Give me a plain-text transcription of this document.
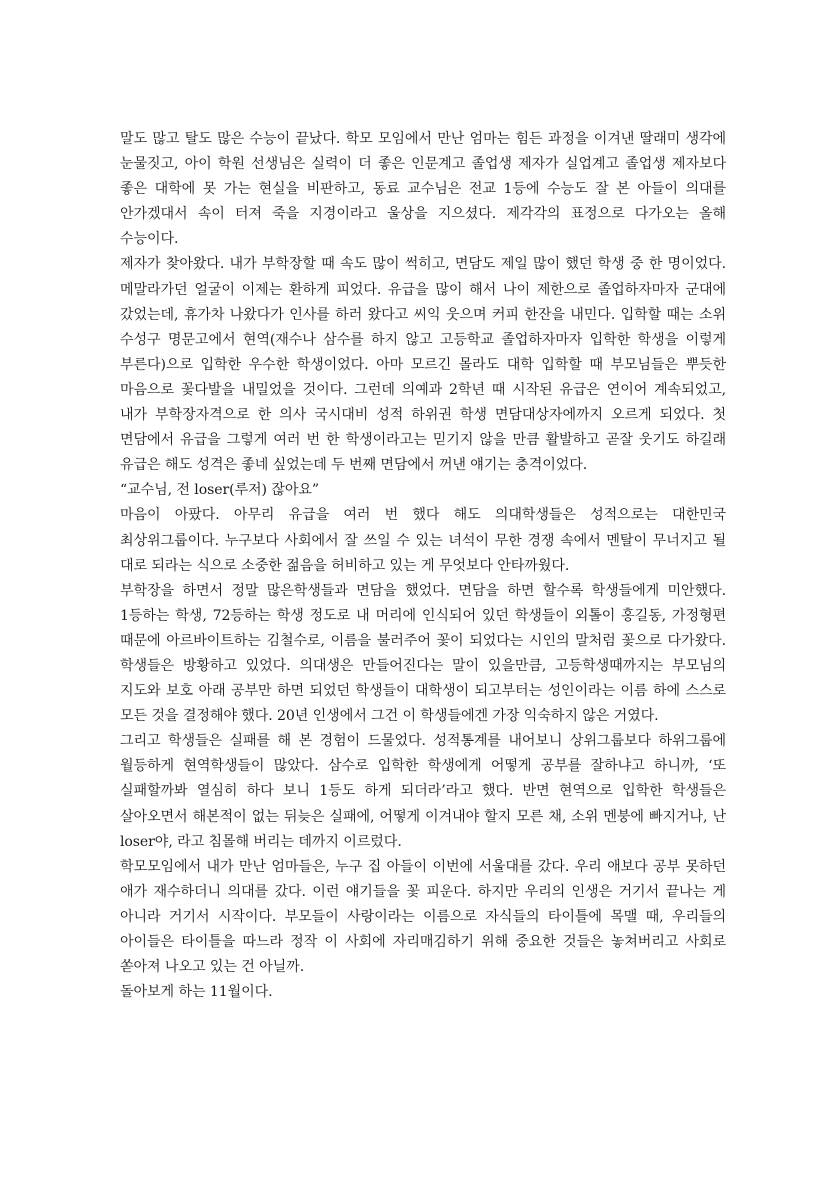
말도 많고 탈도 많은 수능이 끝났다. 학모 모임에서 만난 엄마는 힘든 과정을 이겨낸 딸래미 생각에 눈물짓고, 아이 학원 선생님은 실력이 더 좋은 인문계고 졸업생 제자가 실업계고 졸업생 제자보다 좋은 대학에 못 가는 현실을 비판하고, 동료 교수님은 전교 1등에 수능도 잘 본 아들이 의대를 안가겠대서 속이 터져 죽을 지경이라고 울상을 지으셨다. 제각각의 표정으로 다가오는 올해 수능이다.

제자가 찾아왔다. 내가 부학장할 때 속도 많이 썩히고, 면담도 제일 많이 했던 학생 중 한 명이었다. 메말라가던 얼굴이 이제는 환하게 피었다. 유급을 많이 해서 나이 제한으로 졸업하자마자 군대에 갔었는데, 휴가차 나왔다가 인사를 하러 왔다고 씨익 웃으며 커피 한잔을 내민다. 입학할 때는 소위 수성구 명문고에서 현역(재수나 삼수를 하지 않고 고등학교 졸업하자마자 입학한 학생을 이렇게 부른다)으로 입학한 우수한 학생이었다. 아마 모르긴 몰라도 대학 입학할 때 부모님들은 뿌듯한 마음으로 꽃다발을 내밀었을 것이다. 그런데 의예과 2학년 때 시작된 유급은 연이어 계속되었고, 내가 부학장자격으로 한 의사 국시대비 성적 하위권 학생 면담대상자에까지 오르게 되었다. 첫 면담에서 유급을 그렇게 여러 번 한 학생이라고는 믿기지 않을 만큼 활발하고 곧잘 웃기도 하길래 유급은 해도 성격은 좋네 싶었는데 두 번째 면담에서 꺼낸 얘기는 충격이었다.

“교수님, 전 loser(루저) 잖아요”

마음이 아팠다. 아무리 유급을 여러 번 했다 해도 의대학생들은 성적으로는 대한민국 최상위그룹이다. 누구보다 사회에서 잘 쓰일 수 있는 녀석이 무한 경쟁 속에서 멘탈이 무너지고 될 대로 되라는 식으로 소중한 젊음을 허비하고 있는 게 무엇보다 안타까웠다.

부학장을 하면서 정말 많은학생들과 면담을 했었다. 면담을 하면 할수록 학생들에게 미안했다. 1등하는 학생, 72등하는 학생 정도로 내 머리에 인식되어 있던 학생들이 외톨이 홍길동, 가정형편 때문에 아르바이트하는 김철수로, 이름을 불러주어 꽃이 되었다는 시인의 말처럼 꽃으로 다가왔다. 학생들은 방황하고 있었다. 의대생은 만들어진다는 말이 있을만큼, 고등학생때까지는 부모님의 지도와 보호 아래 공부만 하면 되었던 학생들이 대학생이 되고부터는 성인이라는 이름 하에 스스로 모든 것을 결정해야 했다. 20년 인생에서 그건 이 학생들에겐 가장 익숙하지 않은 거였다.

그리고 학생들은 실패를 해 본 경험이 드물었다. 성적통계를 내어보니 상위그룹보다 하위그룹에 월등하게 현역학생들이 많았다. 삼수로 입학한 학생에게 어떻게 공부를 잘하냐고 하니까, ‘또 실패할까봐 열심히 하다 보니 1등도 하게 되더라’라고 했다. 반면 현역으로 입학한 학생들은 살아오면서 해본적이 없는 뒤늦은 실패에, 어떻게 이겨내야 할지 모른 채, 소위 멘붕에 빠지거나, 난 loser야, 라고 침몰해 버리는 데까지 이르렀다.

학모모임에서 내가 만난 엄마들은, 누구 집 아들이 이번에 서울대를 갔다. 우리 애보다 공부 못하던 애가 재수하더니 의대를 갔다. 이런 얘기들을 꽃 피운다. 하지만 우리의 인생은 거기서 끝나는 게 아니라 거기서 시작이다. 부모들이 사랑이라는 이름으로 자식들의 타이틀에 목맬 때, 우리들의 아이들은 타이틀을 따느라 정작 이 사회에 자리매김하기 위해 중요한 것들은 놓쳐버리고 사회로 쏟아져 나오고 있는 건 아닐까.

돌아보게 하는 11월이다.
